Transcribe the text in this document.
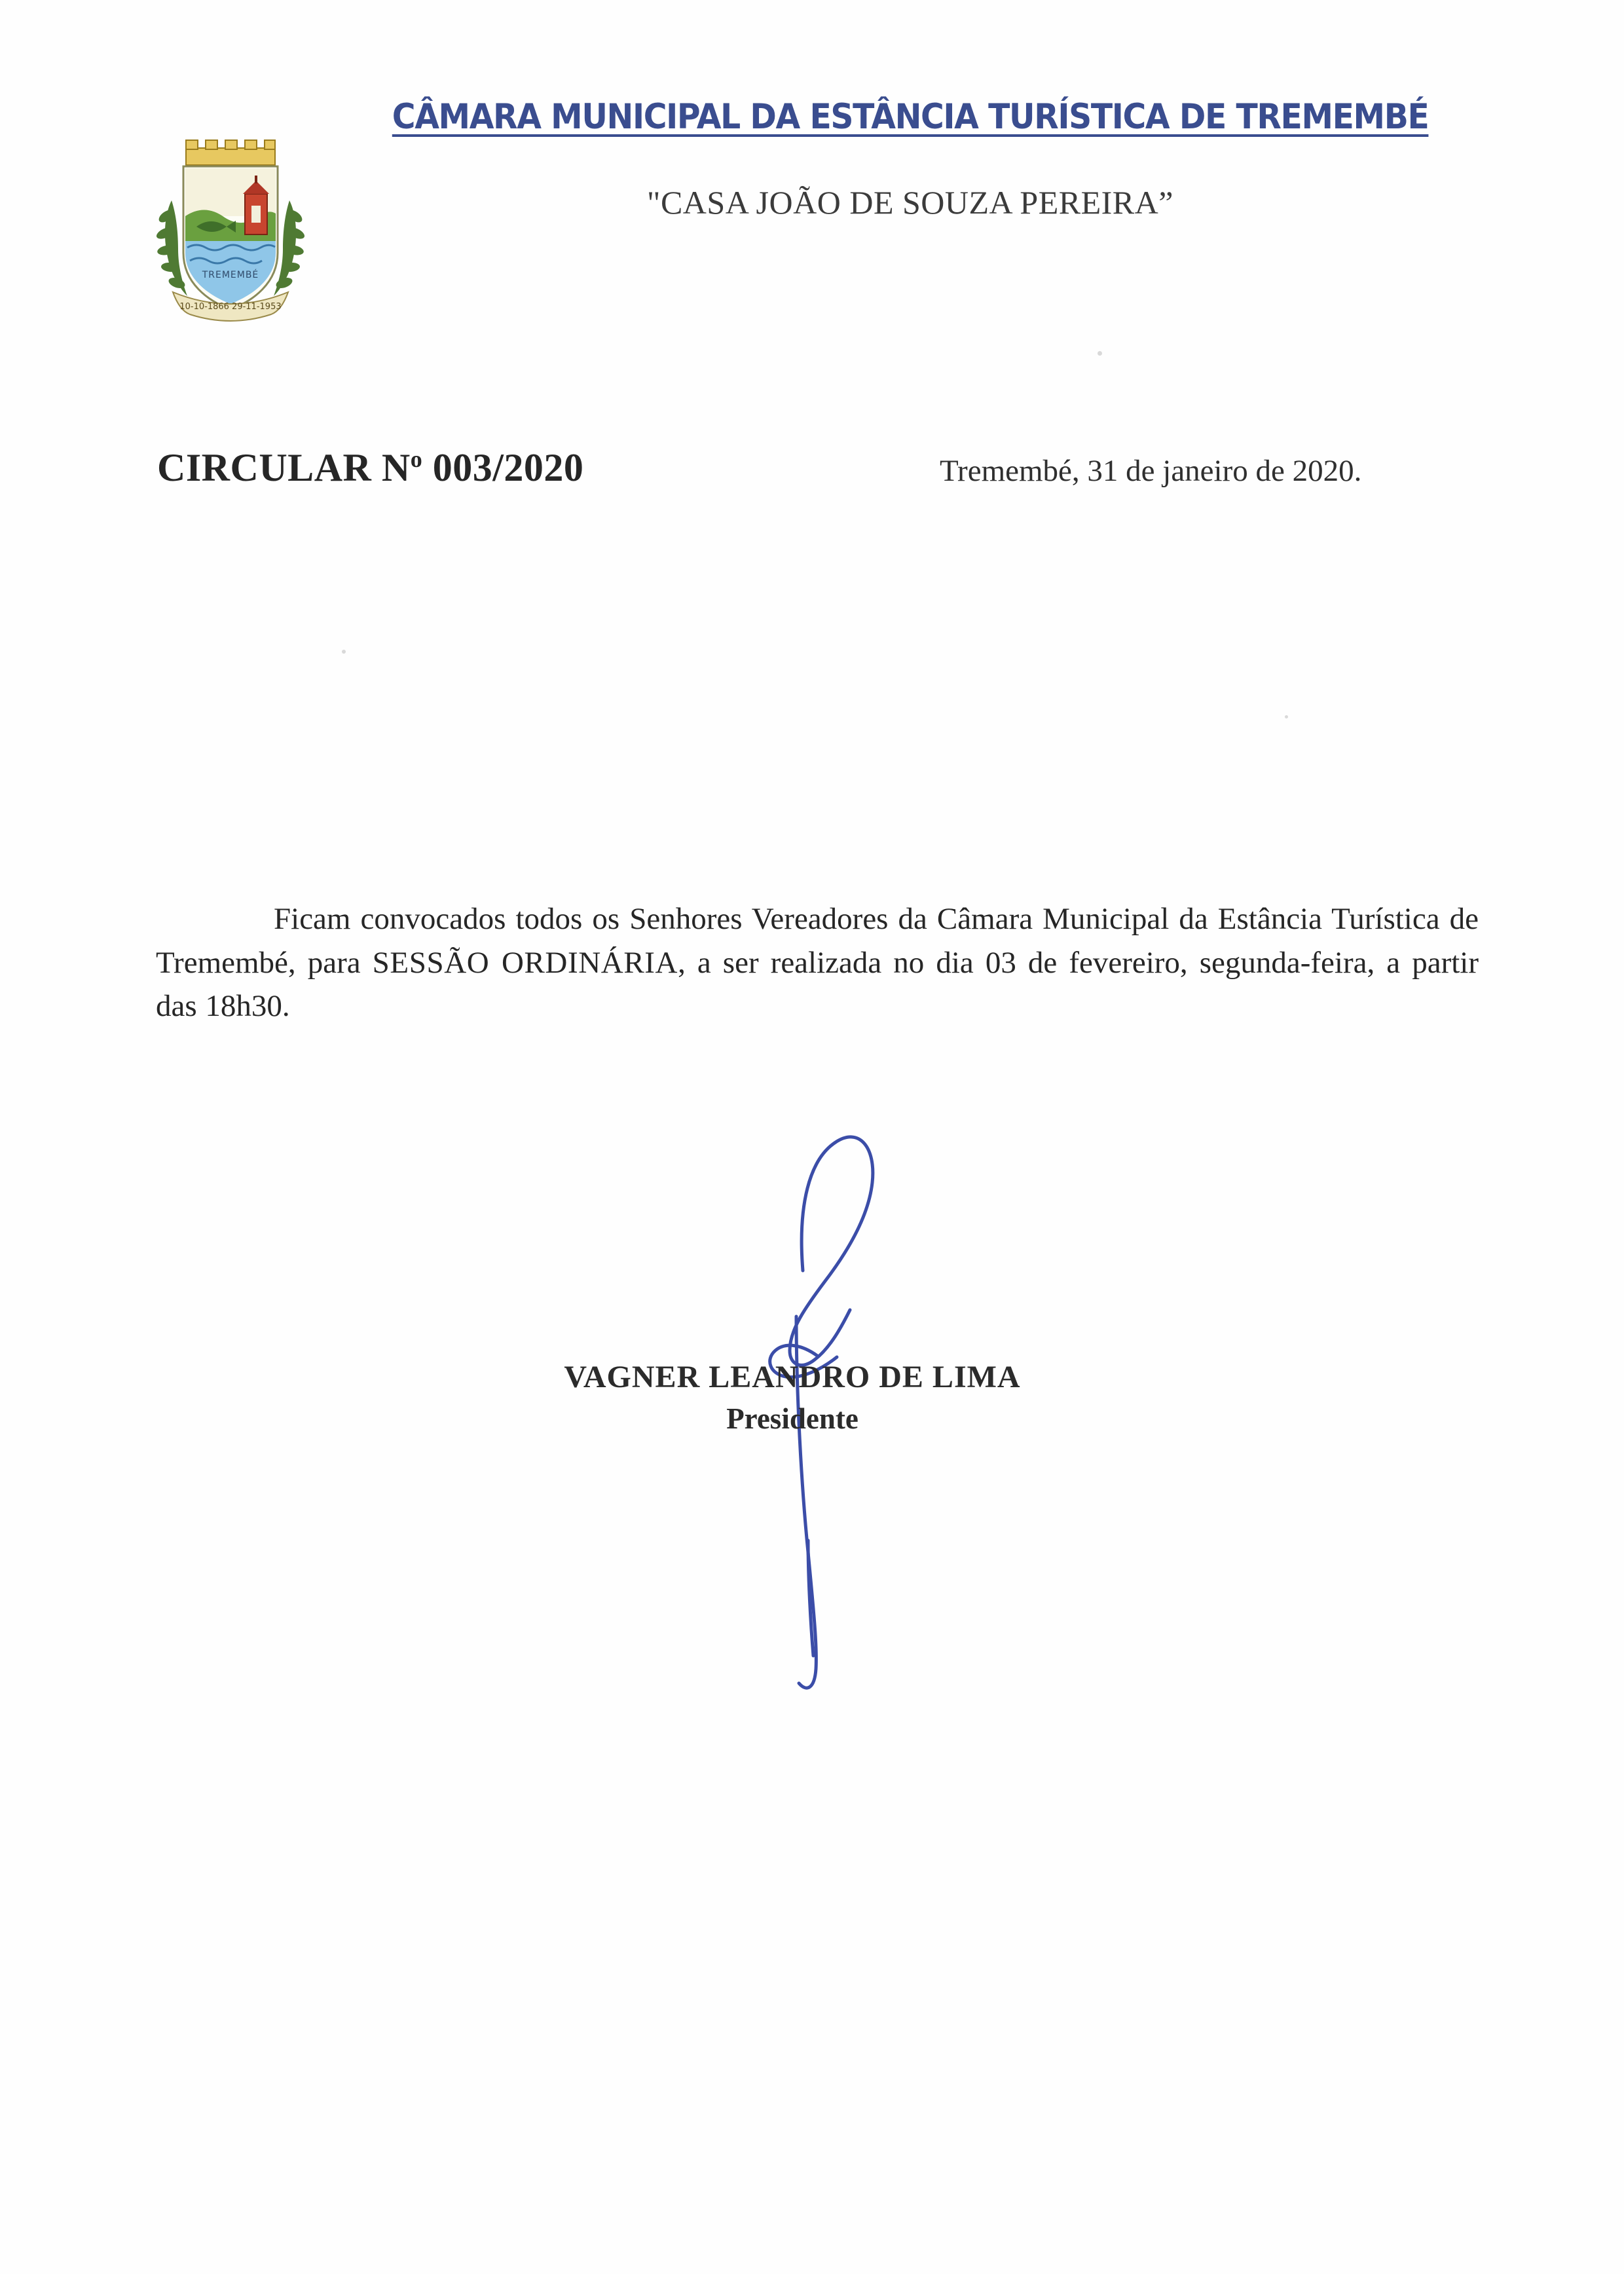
10-10-1866 29-11-1953
TREMEMBÉ
CÂMARA MUNICIPAL DA ESTÂNCIA TURÍSTICA DE TREMEMBÉ
"CASA JOÃO DE SOUZA PEREIRA”
CIRCULAR $N^o$ 003/2020	Tremembé, 31 de janeiro de 2020.

Ficam convocados todos os Senhores Vereadores da Câmara Municipal da Estância Turística de Tremembé, para SESSÃO ORDINÁRIA, a ser realizada no dia 03 de fevereiro, segunda-feira, a partir das 18h30.

VAGNER LEANDRO DE LIMA
Presidente
